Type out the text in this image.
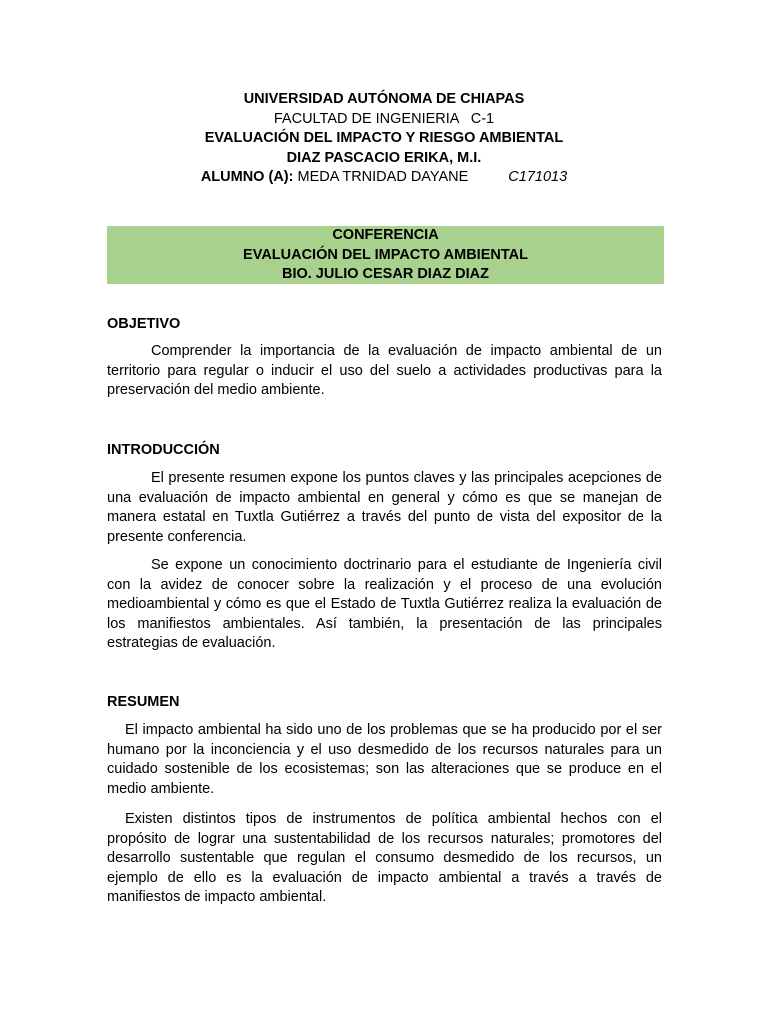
UNIVERSIDAD AUTÓNOMA DE CHIAPAS
FACULTAD DE INGENIERIA   C-1
EVALUACIÓN DEL IMPACTO Y RIESGO AMBIENTAL
DIAZ PASCACIO ERIKA, M.I.
ALUMNO (A): MEDA TRNIDAD DAYANE	C171013
CONFERENCIA
EVALUACIÓN DEL IMPACTO AMBIENTAL
BIO. JULIO CESAR DIAZ DIAZ
OBJETIVO

Comprender la importancia de la evaluación de impacto ambiental de un territorio para regular o inducir el uso del suelo a actividades productivas para la preservación del medio ambiente.

INTRODUCCIÓN

El presente resumen expone los puntos claves y las principales acepciones de una evaluación de impacto ambiental en general y cómo es que se manejan de manera estatal en Tuxtla Gutiérrez a través del punto de vista del expositor de la presente conferencia.

Se expone un conocimiento doctrinario para el estudiante de Ingeniería civil con la avidez de conocer sobre la realización y el proceso de una evolución medioambiental y cómo es que el Estado de Tuxtla Gutiérrez realiza la evaluación de los manifiestos ambientales. Así también, la presentación de las principales estrategias de evaluación.

RESUMEN

El impacto ambiental ha sido uno de los problemas que se ha producido por el ser humano por la inconciencia y el uso desmedido de los recursos naturales para un cuidado sostenible de los ecosistemas; son las alteraciones que se produce en el medio ambiente.

Existen distintos tipos de instrumentos de política ambiental hechos con el propósito de lograr una sustentabilidad de los recursos naturales; promotores del desarrollo sustentable que regulan el consumo desmedido de los recursos, un ejemplo de ello es la evaluación de impacto ambiental a través a través de manifiestos de impacto ambiental.
